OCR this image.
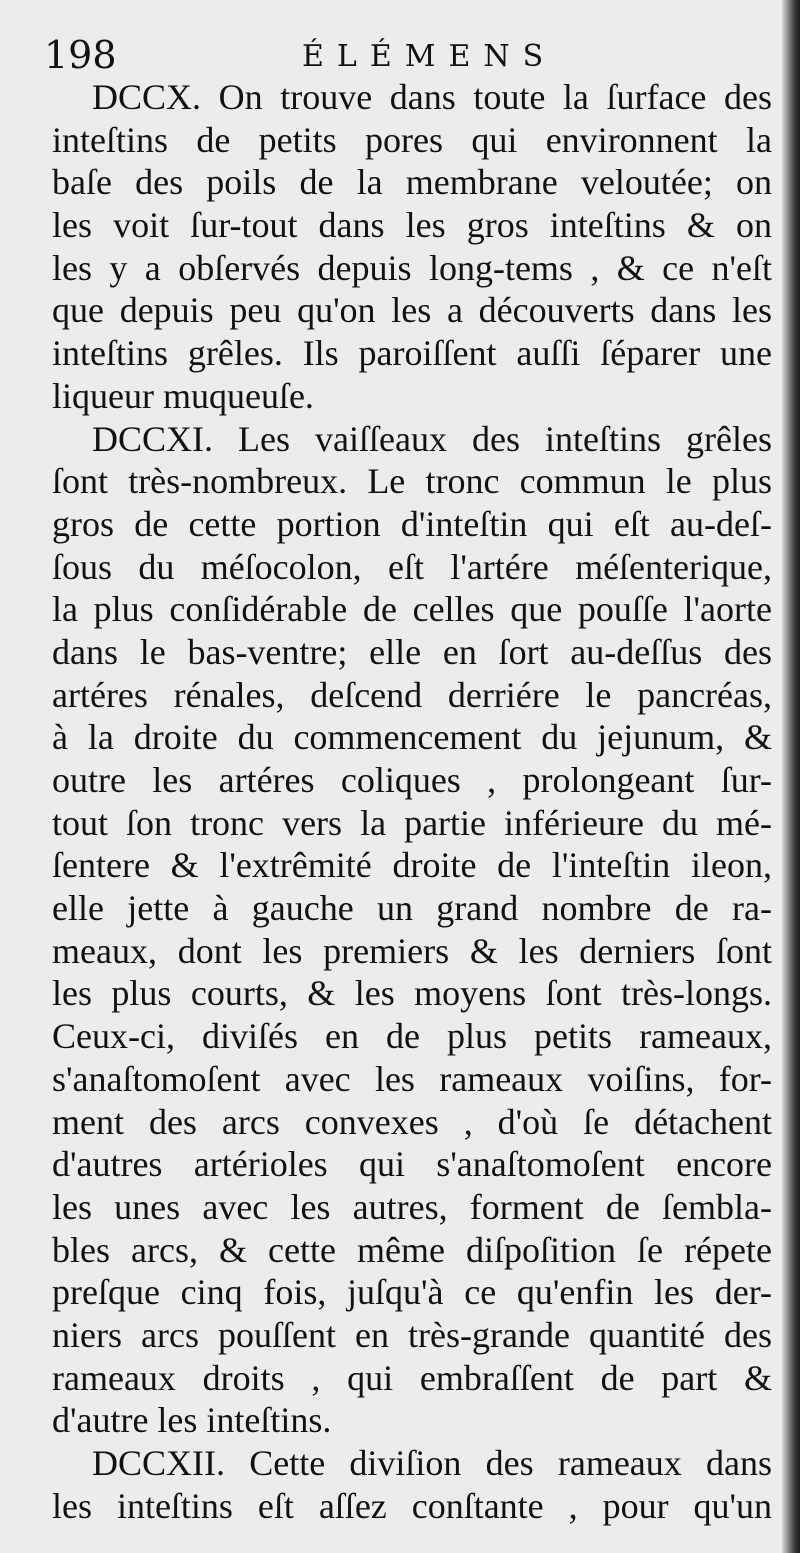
198	ÉLÉMENS
DCCX. On trouve dans toute la ſurface des
inteſtins de petits pores qui environnent la
baſe des poils de la membrane veloutée; on
les voit ſur-tout dans les gros inteſtins & on
les y a obſervés depuis long-tems , & ce n'eſt
que depuis peu qu'on les a découverts dans les
inteſtins grêles. Ils paroiſſent auſſi ſéparer une
liqueur muqueuſe.
DCCXI. Les vaiſſeaux des inteſtins grêles
ſont très-nombreux. Le tronc commun le plus
gros de cette portion d'inteſtin qui eſt au-deſ-
ſous du méſocolon, eſt l'artére méſenterique,
la plus conſidérable de celles que pouſſe l'aorte
dans le bas-ventre; elle en ſort au-deſſus des
artéres rénales, deſcend derriére le pancréas,
à la droite du commencement du jejunum, &
outre les artéres coliques , prolongeant ſur-
tout ſon tronc vers la partie inférieure du mé-
ſentere & l'extrêmité droite de l'inteſtin ileon,
elle jette à gauche un grand nombre de ra-
meaux, dont les premiers & les derniers ſont
les plus courts, & les moyens ſont très-longs.
Ceux-ci, diviſés en de plus petits rameaux,
s'anaſtomoſent avec les rameaux voiſins, for-
ment des arcs convexes , d'où ſe détachent
d'autres artérioles qui s'anaſtomoſent encore
les unes avec les autres, forment de ſembla-
bles arcs, & cette même diſpoſition ſe répete
preſque cinq fois, juſqu'à ce qu'enfin les der-
niers arcs pouſſent en très-grande quantité des
rameaux droits , qui embraſſent de part &
d'autre les inteſtins.
DCCXII. Cette diviſion des rameaux dans
les inteſtins eſt aſſez conſtante , pour qu'un
